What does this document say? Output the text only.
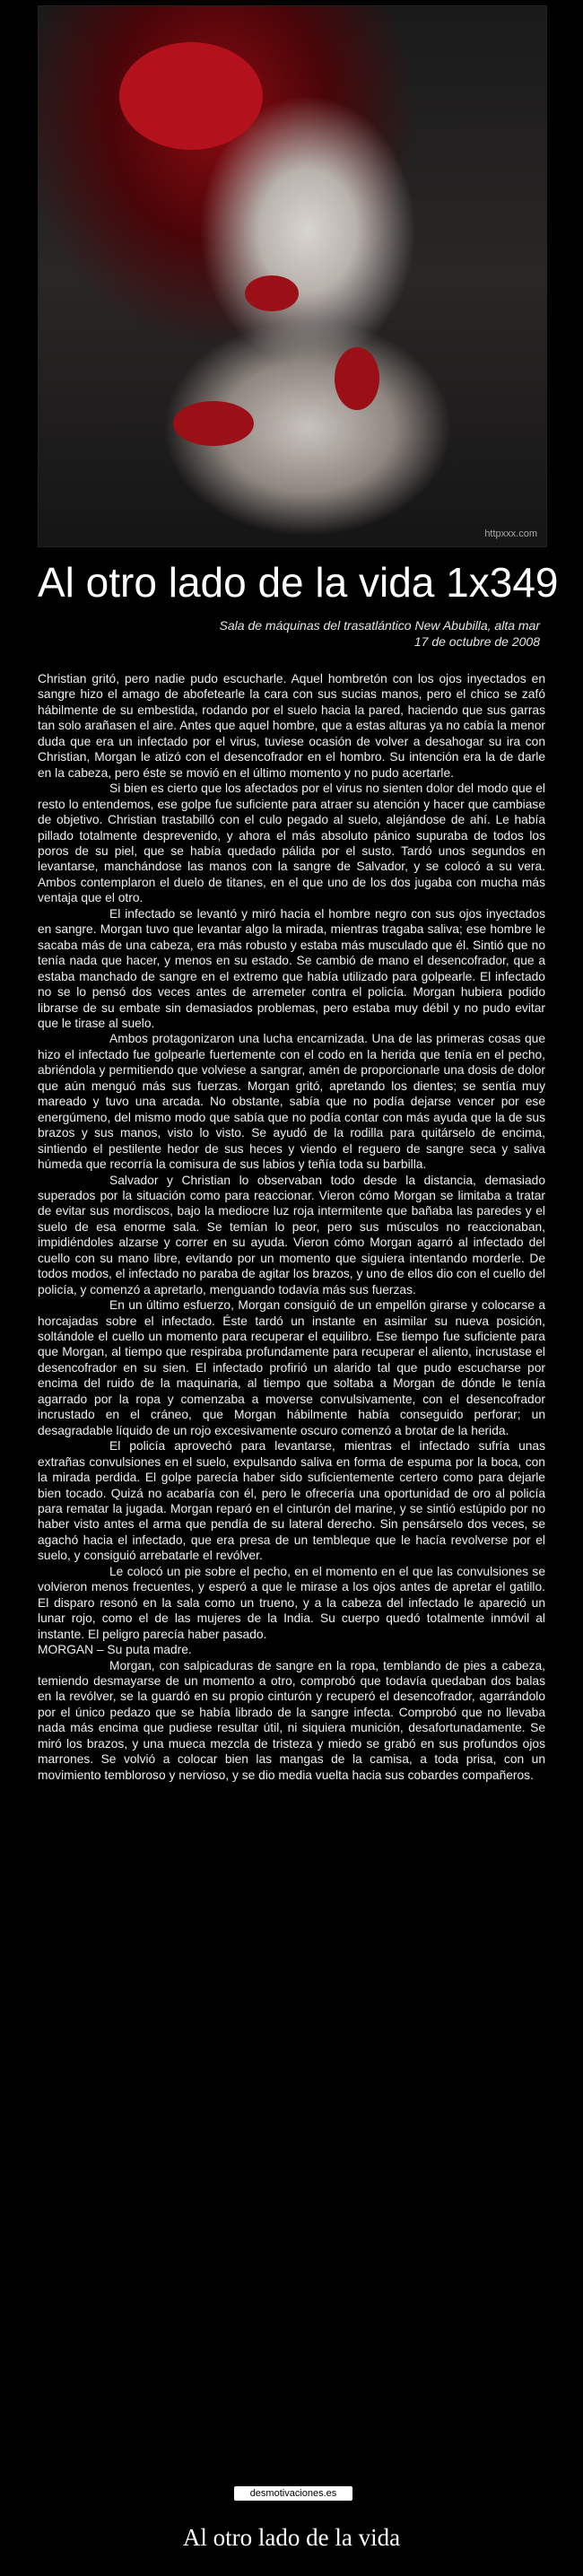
httpxxx.com
Al otro lado de la vida 1x349
Sala de máquinas del trasatlántico New Abubilla, alta mar
17 de octubre de 2008

Christian gritó, pero nadie pudo escucharle. Aquel hombretón con los ojos inyectados en sangre hizo el amago de abofetearle la cara con sus sucias manos, pero el chico se zafó hábilmente de su embestida, rodando por el suelo hacia la pared, haciendo que sus garras tan solo arañasen el aire. Antes que aquel hombre, que a estas alturas ya no cabía la menor duda que era un infectado por el virus, tuviese ocasión de volver a desahogar su ira con Christian, Morgan le atizó con el desencofrador en el hombro. Su intención era la de darle en la cabeza, pero éste se movió en el último momento y no pudo acertarle.

Si bien es cierto que los afectados por el virus no sienten dolor del modo que el resto lo entendemos, ese golpe fue suficiente para atraer su atención y hacer que cambiase de objetivo. Christian trastabilló con el culo pegado al suelo, alejándose de ahí. Le había pillado totalmente desprevenido, y ahora el más absoluto pánico supuraba de todos los poros de su piel, que se había quedado pálida por el susto. Tardó unos segundos en levantarse, manchándose las manos con la sangre de Salvador, y se colocó a su vera. Ambos contemplaron el duelo de titanes, en el que uno de los dos jugaba con mucha más ventaja que el otro.

El infectado se levantó y miró hacia el hombre negro con sus ojos inyectados en sangre. Morgan tuvo que levantar algo la mirada, mientras tragaba saliva; ese hombre le sacaba más de una cabeza, era más robusto y estaba más musculado que él. Sintió que no tenía nada que hacer, y menos en su estado. Se cambió de mano el desencofrador, que a estaba manchado de sangre en el extremo que había utilizado para golpearle. El infectado no se lo pensó dos veces antes de arremeter contra el policía. Morgan hubiera podido librarse de su embate sin demasiados problemas, pero estaba muy débil y no pudo evitar que le tirase al suelo.

Ambos protagonizaron una lucha encarnizada. Una de las primeras cosas que hizo el infectado fue golpearle fuertemente con el codo en la herida que tenía en el pecho, abriéndola y permitiendo que volviese a sangrar, amén de proporcionarle una dosis de dolor que aún menguó más sus fuerzas. Morgan gritó, apretando los dientes; se sentía muy mareado y tuvo una arcada. No obstante, sabía que no podía dejarse vencer por ese energúmeno, del mismo modo que sabía que no podía contar con más ayuda que la de sus brazos y sus manos, visto lo visto. Se ayudó de la rodilla para quitárselo de encima, sintiendo el pestilente hedor de sus heces y viendo el reguero de sangre seca y saliva húmeda que recorría la comisura de sus labios y teñía toda su barbilla.

Salvador y Christian lo observaban todo desde la distancia, demasiado superados por la situación como para reaccionar. Vieron cómo Morgan se limitaba a tratar de evitar sus mordiscos, bajo la mediocre luz roja intermitente que bañaba las paredes y el suelo de esa enorme sala. Se temían lo peor, pero sus músculos no reaccionaban, impidiéndoles alzarse y correr en su ayuda. Vieron cómo Morgan agarró al infectado del cuello con su mano libre, evitando por un momento que siguiera intentando morderle. De todos modos, el infectado no paraba de agitar los brazos, y uno de ellos dio con el cuello del policía, y comenzó a apretarlo, menguando todavía más sus fuerzas.

En un último esfuerzo, Morgan consiguió de un empellón girarse y colocarse a horcajadas sobre el infectado. Éste tardó un instante en asimilar su nueva posición, soltándole el cuello un momento para recuperar el equilibro. Ese tiempo fue suficiente para que Morgan, al tiempo que respiraba profundamente para recuperar el aliento, incrustase el desencofrador en su sien. El infectado profirió un alarido tal que pudo escucharse por encima del ruido de la maquinaria, al tiempo que soltaba a Morgan de dónde le tenía agarrado por la ropa y comenzaba a moverse convulsivamente, con el desencofrador incrustado en el cráneo, que Morgan hábilmente había conseguido perforar; un desagradable líquido de un rojo excesivamente oscuro comenzó a brotar de la herida.

El policía aprovechó para levantarse, mientras el infectado sufría unas extrañas convulsiones en el suelo, expulsando saliva en forma de espuma por la boca, con la mirada perdida. El golpe parecía haber sido suficientemente certero como para dejarle bien tocado. Quizá no acabaría con él, pero le ofrecería una oportunidad de oro al policía para rematar la jugada. Morgan reparó en el cinturón del marine, y se sintió estúpido por no haber visto antes el arma que pendía de su lateral derecho. Sin pensárselo dos veces, se agachó hacia el infectado, que era presa de un tembleque que le hacía revolverse por el suelo, y consiguió arrebatarle el revólver.

Le colocó un pie sobre el pecho, en el momento en el que las convulsiones se volvieron menos frecuentes, y esperó a que le mirase a los ojos antes de apretar el gatillo. El disparo resonó en la sala como un trueno, y a la cabeza del infectado le apareció un lunar rojo, como el de las mujeres de la India. Su cuerpo quedó totalmente inmóvil al instante. El peligro parecía haber pasado.

MORGAN – Su puta madre.

Morgan, con salpicaduras de sangre en la ropa, temblando de pies a cabeza, temiendo desmayarse de un momento a otro, comprobó que todavía quedaban dos balas en la revólver, se la guardó en su propio cinturón y recuperó el desencofrador, agarrándolo por el único pedazo que se había librado de la sangre infecta. Comprobó que no llevaba nada más encima que pudiese resultar útil, ni siquiera munición, desafortunadamente. Se miró los brazos, y una mueca mezcla de tristeza y miedo se grabó en sus profundos ojos marrones. Se volvió a colocar bien las mangas de la camisa, a toda prisa, con un movimiento tembloroso y nervioso, y se dio media vuelta hacia sus cobardes compañeros.

desmotivaciones.es
Al otro lado de la vida
